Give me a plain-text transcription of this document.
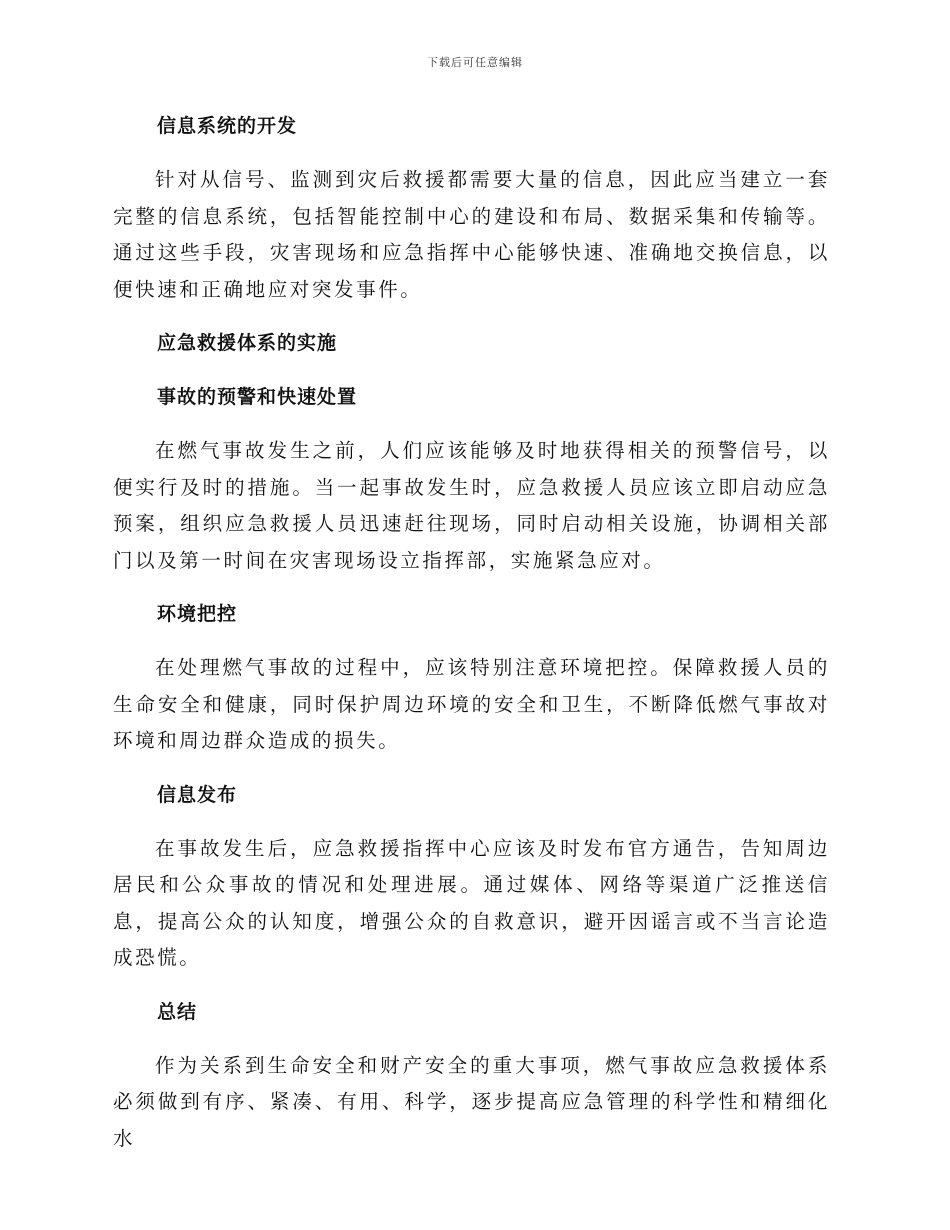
下载后可任意编辑
信息系统的开发

针对从信号、监测到灾后救援都需要大量的信息，因此应当建立一套完整的信息系统，包括智能控制中心的建设和布局、数据采集和传输等。通过这些手段，灾害现场和应急指挥中心能够快速、准确地交换信息，以便快速和正确地应对突发事件。

应急救援体系的实施
事故的预警和快速处置

在燃气事故发生之前，人们应该能够及时地获得相关的预警信号，以便实行及时的措施。当一起事故发生时，应急救援人员应该立即启动应急预案，组织应急救援人员迅速赶往现场，同时启动相关设施，协调相关部门以及第一时间在灾害现场设立指挥部，实施紧急应对。

环境把控

在处理燃气事故的过程中，应该特别注意环境把控。保障救援人员的生命安全和健康，同时保护周边环境的安全和卫生，不断降低燃气事故对环境和周边群众造成的损失。

信息发布

在事故发生后，应急救援指挥中心应该及时发布官方通告，告知周边居民和公众事故的情况和处理进展。通过媒体、网络等渠道广泛推送信息，提高公众的认知度，增强公众的自救意识，避开因谣言或不当言论造成恐慌。

总结

作为关系到生命安全和财产安全的重大事项，燃气事故应急救援体系必须做到有序、紧凑、有用、科学，逐步提高应急管理的科学性和精细化水
